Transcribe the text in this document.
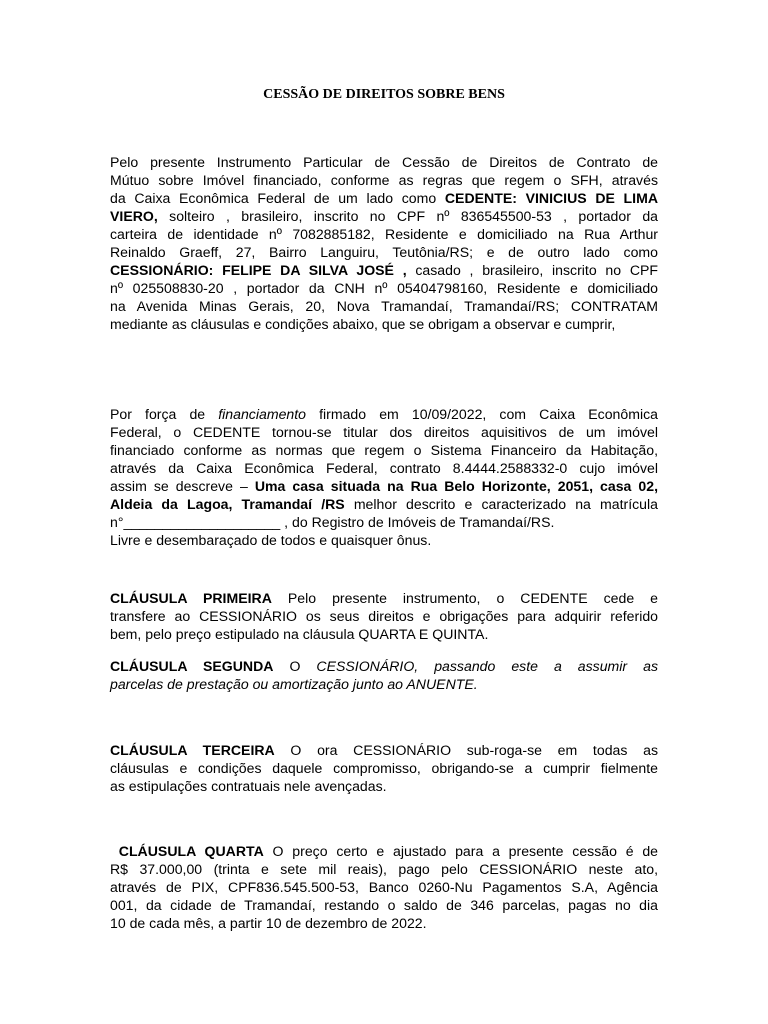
CESSÃO DE DIREITOS SOBRE BENS
Pelo presente Instrumento Particular de Cessão de Direitos de Contrato de
Mútuo sobre Imóvel financiado, conforme as regras que regem o SFH, através
da Caixa Econômica Federal de um lado como CEDENTE: VINICIUS DE LIMA
VIERO, solteiro , brasileiro, inscrito no CPF nº 836545500-53 , portador da
carteira de identidade nº 7082885182, Residente e domiciliado na Rua Arthur
Reinaldo Graeff, 27, Bairro Languiru, Teutônia/RS; e de outro lado como
CESSIONÁRIO: FELIPE DA SILVA JOSÉ , casado , brasileiro, inscrito no CPF
nº 025508830-20 , portador da CNH nº 05404798160, Residente e domiciliado
na Avenida Minas Gerais, 20, Nova Tramandaí, Tramandaí/RS; CONTRATAM
mediante as cláusulas e condições abaixo, que se obrigam a observar e cumprir,
Por força de financiamento firmado em 10/09/2022, com Caixa Econômica
Federal, o CEDENTE tornou-se titular dos direitos aquisitivos de um imóvel
financiado conforme as normas que regem o Sistema Financeiro da Habitação,
através da Caixa Econômica Federal, contrato 8.4444.2588332-0 cujo imóvel
assim se descreve – Uma casa situada na Rua Belo Horizonte, 2051, casa 02,
Aldeia da Lagoa, Tramandaí /RS melhor descrito e caracterizado na matrícula
n°____________________ , do Registro de Imóveis de Tramandaí/RS.
Livre e desembaraçado de todos e quaisquer ônus.
CLÁUSULA PRIMEIRA Pelo presente instrumento, o CEDENTE cede e
transfere ao CESSIONÁRIO os seus direitos e obrigações para adquirir referido
bem, pelo preço estipulado na cláusula QUARTA E QUINTA.
CLÁUSULA SEGUNDA O CESSIONÁRIO, passando este a assumir as
parcelas de prestação ou amortização junto ao ANUENTE.
CLÁUSULA TERCEIRA O ora CESSIONÁRIO sub-roga-se em todas as
cláusulas e condições daquele compromisso, obrigando-se a cumprir fielmente
as estipulações contratuais nele avençadas.
CLÁUSULA QUARTA O preço certo e ajustado para a presente cessão é de
R$ 37.000,00 (trinta e sete mil reais), pago pelo CESSIONÁRIO neste ato,
através de PIX, CPF836.545.500-53, Banco 0260-Nu Pagamentos S.A, Agência
001, da cidade de Tramandaí, restando o saldo de 346 parcelas, pagas no dia
10 de cada mês, a partir 10 de dezembro de 2022.
